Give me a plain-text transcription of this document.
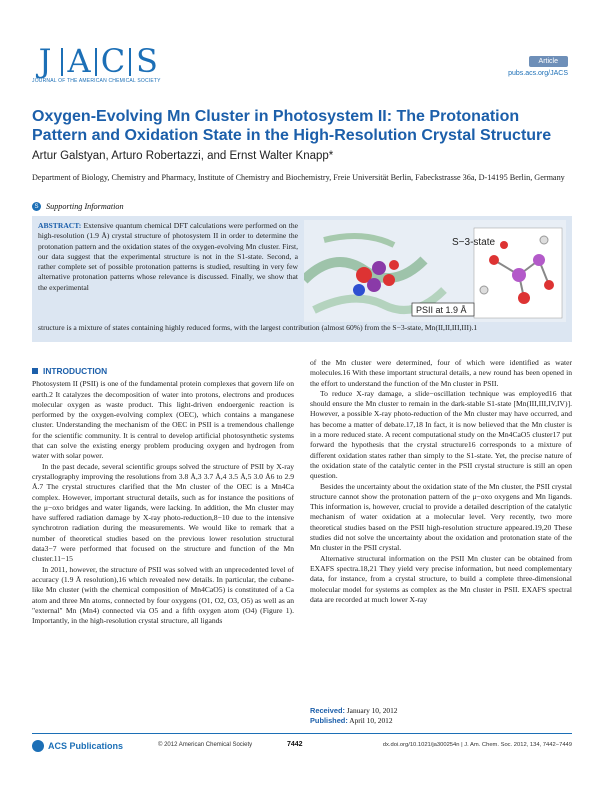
J A C S
JOURNAL OF THE AMERICAN CHEMICAL SOCIETY
Article
pubs.acs.org/JACS
Oxygen-Evolving Mn Cluster in Photosystem II: The Protonation Pattern and Oxidation State in the High-Resolution Crystal Structure
Artur Galstyan, Arturo Robertazzi, and Ernst Walter Knapp*
Department of Biology, Chemistry and Pharmacy, Institute of Chemistry and Biochemistry, Freie Universität Berlin, Fabeckstrasse 36a, D-14195 Berlin, Germany
S Supporting Information
ABSTRACT: Extensive quantum chemical DFT calculations were performed on the high-resolution (1.9 Å) crystal structure of photosystem II in order to determine the protonation pattern and the oxidation states of the oxygen-evolving Mn cluster. First, our data suggest that the experimental structure is not in the S1-state. Second, a rather complete set of possible protonation patterns is studied, resulting in very few alternative protonation patterns whose relevance is discussed. Finally, we show that the experimental
S−3-state
PSII at 1.9 Å
structure is a mixture of states containing highly reduced forms, with the largest contribution (almost 60%) from the S−3-state, Mn(II,II,III,III).1
INTRODUCTION

Photosystem II (PSII) is one of the fundamental protein complexes that govern life on earth.2 It catalyzes the decomposition of water into protons, electrons and produces molecular oxygen as waste product. This light-driven endoergenic reaction is performed by the oxygen-evolving complex (OEC), which contains a manganese cluster. Understanding the mechanism of the OEC in PSII is a tremendous challenge for the scientific community. It is central to develop artificial photosynthetic systems that can solve the existing energy problem producing oxygen and hydrogen from water with solar power.

In the past decade, several scientific groups solved the structure of PSII by X-ray crystallography improving the resolutions from 3.8 Å,3 3.7 Å,4 3.5 Å,5 3.0 Å6 to 2.9 Å.7 The crystal structures clarified that the Mn cluster of the OEC is a Mn4Ca complex. However, important structural details, such as for instance the positions of the μ−oxo bridges and water ligands, were lacking. In addition, the Mn cluster may have suffered radiation damage by X-ray photo-reduction,8−10 due to the intensive synchrotron radiation during the measurements. We would like to remark that a number of theoretical studies based on the previous lower resolution structural data3−7 were performed that focused on the structure and function of the Mn cluster.11−15

In 2011, however, the structure of PSII was solved with an unprecedented level of accuracy (1.9 Å resolution),16 which revealed new details. In particular, the cubane-like Mn cluster (with the chemical composition of Mn4CaO5) is constituted of a Ca atom and three Mn atoms, connected by four oxygens (O1, O2, O3, O5) as well as an "external" Mn (Mn4) connected via O5 and a fifth oxygen atom (O4) (Figure 1). Importantly, in the high-resolution crystal structure, all ligands

of the Mn cluster were determined, four of which were identified as water molecules.16 With these important structural details, a new round has been opened in the effort to understand the function of the Mn cluster in PSII.

To reduce X-ray damage, a slide−oscillation technique was employed16 that should ensure the Mn cluster to remain in the dark-stable S1-state [Mn(III,III,IV,IV)]. However, a possible X-ray photo-reduction of the Mn cluster may have occurred, and has become a matter of debate.17,18 In fact, it is now believed that the Mn cluster is in a more reduced state. A recent computational study on the Mn4CaO5 cluster17 put forward the hypothesis that the crystal structure16 corresponds to a mixture of different oxidation states rather than simply to the S1-state. Yet, the precise nature of the oxidation state of the catalytic center in the PSII crystal structure is still an open question.

Besides the uncertainty about the oxidation state of the Mn cluster, the PSII crystal structure cannot show the protonation pattern of the μ−oxo oxygens and Mn ligands. This information is, however, crucial to provide a detailed description of the catalytic mechanism of water oxidation at a molecular level. Very recently, two more theoretical studies based on the PSII high-resolution structure appeared.19,20 These studies did not solve the uncertainty about the oxidation and protonation state of the Mn cluster in the PSII crystal.

Alternative structural information on the PSII Mn cluster can be obtained from EXAFS spectra.18,21 They yield very precise information, but need complementary data, for instance, from a crystal structure, to build a complete three-dimensional molecular model for systems as complex as the Mn cluster in PSII. EXAFS spectral data are recorded at much lower X-ray

Received: January 10, 2012
Published: April 10, 2012
ACS Publications	© 2012 American Chemical Society	7442	dx.doi.org/10.1021/ja300254n | J. Am. Chem. Soc. 2012, 134, 7442−7449
